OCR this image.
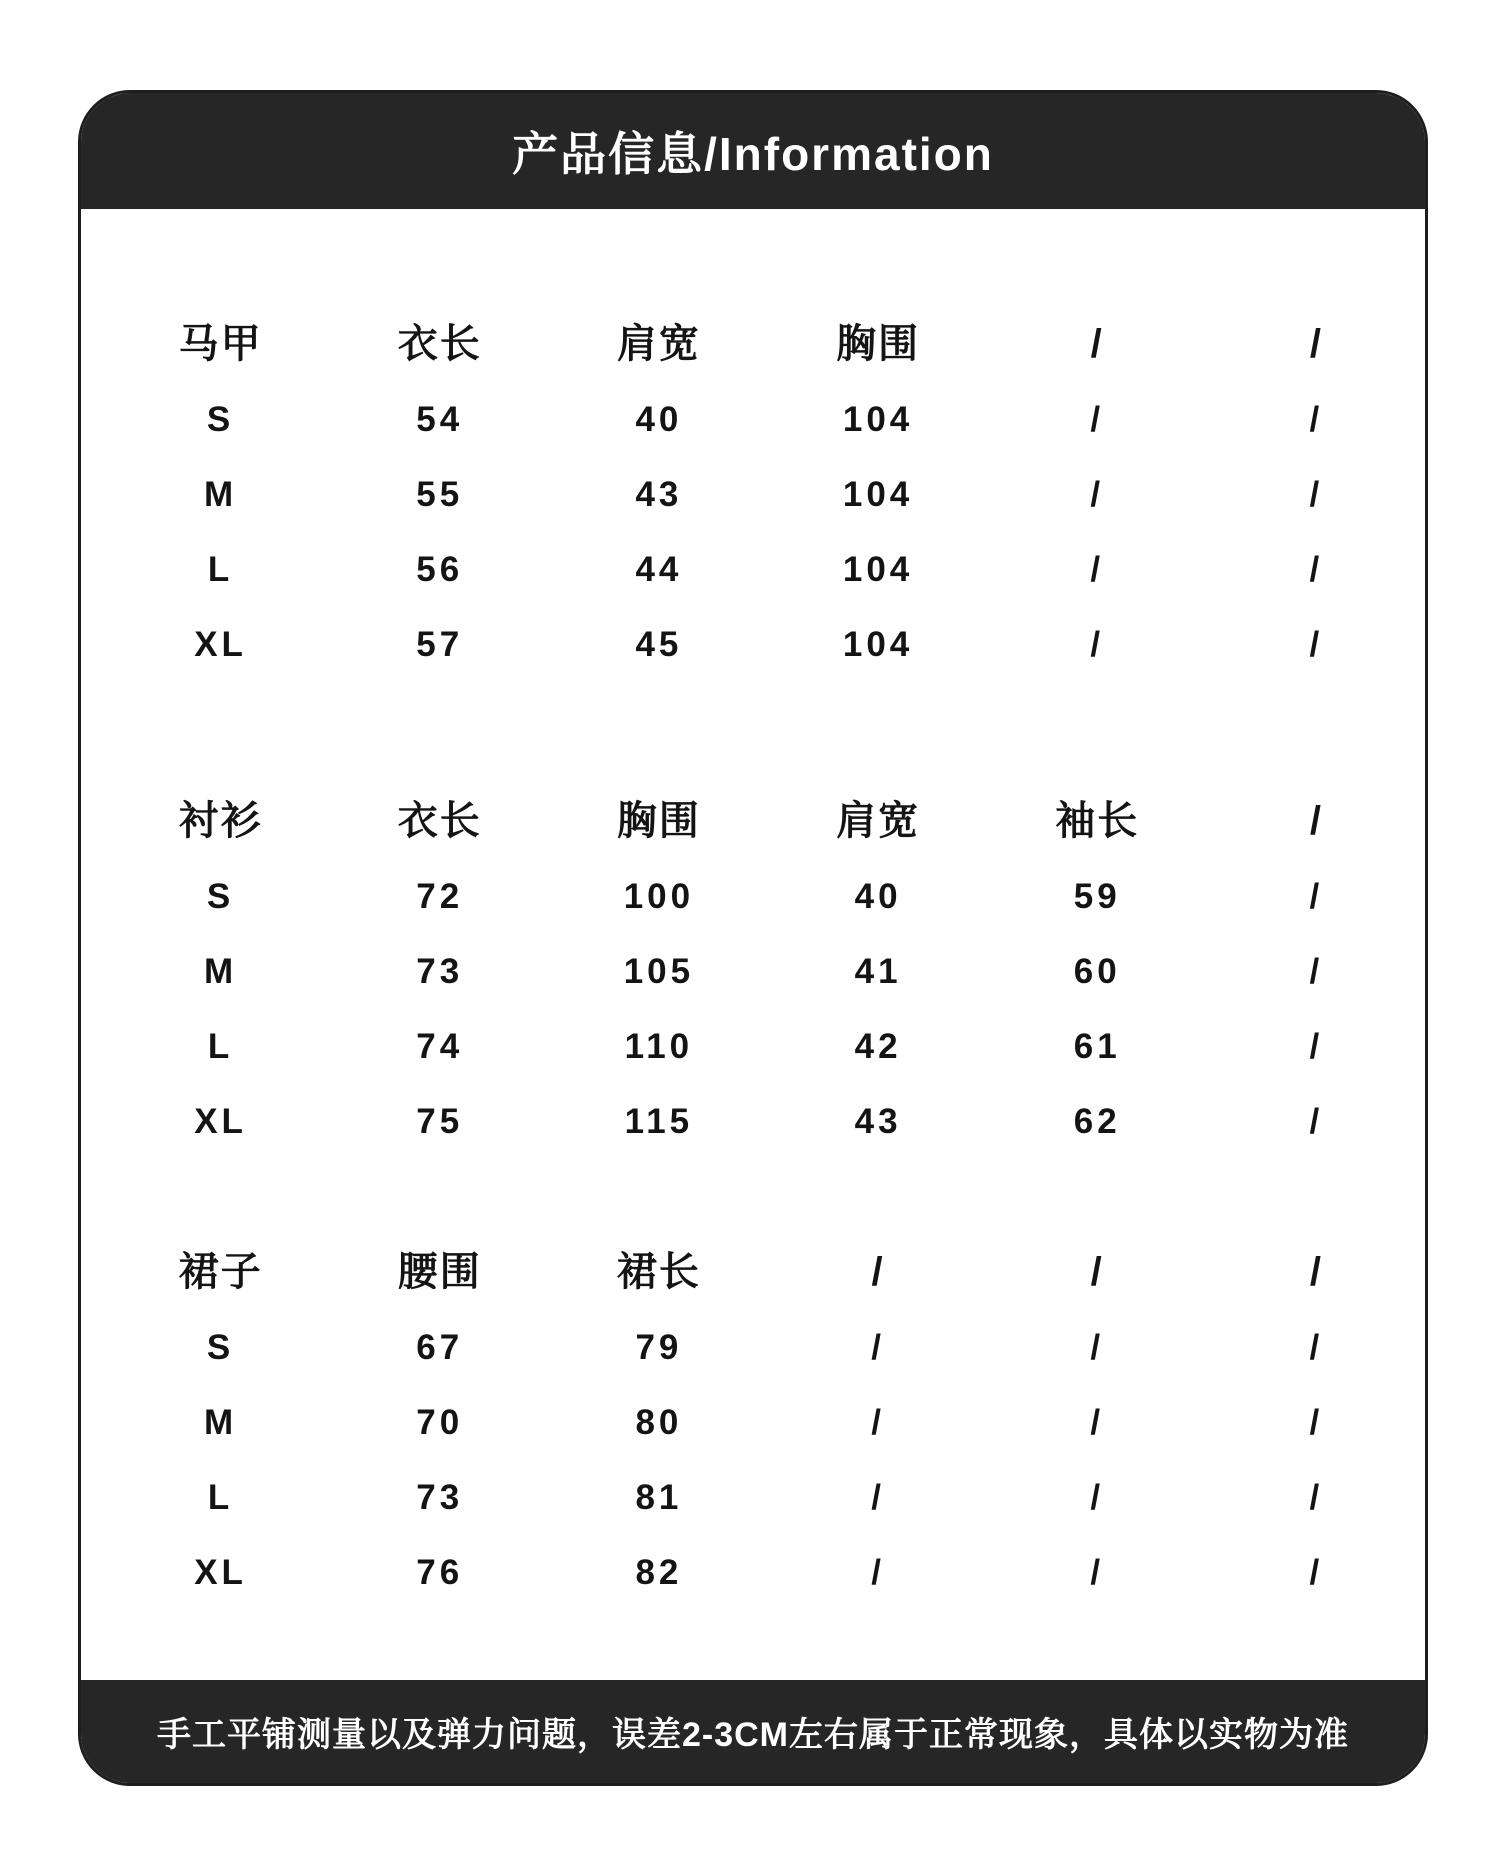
产品信息/Information
马甲	衣长	肩宽	胸围	/	/
S	54	40	104	/	/
M	55	43	104	/	/
L	56	44	104	/	/
XL	57	45	104	/	/
衬衫	衣长	胸围	肩宽	袖长	/
S	72	100	40	59	/
M	73	105	41	60	/
L	74	110	42	61	/
XL	75	115	43	62	/
裙子	腰围	裙长	/	/	/
S	67	79	/	/	/
M	70	80	/	/	/
L	73	81	/	/	/
XL	76	82	/	/	/
手工平铺测量以及弹力问题，误差2-3CM左右属于正常现象，具体以实物为准
